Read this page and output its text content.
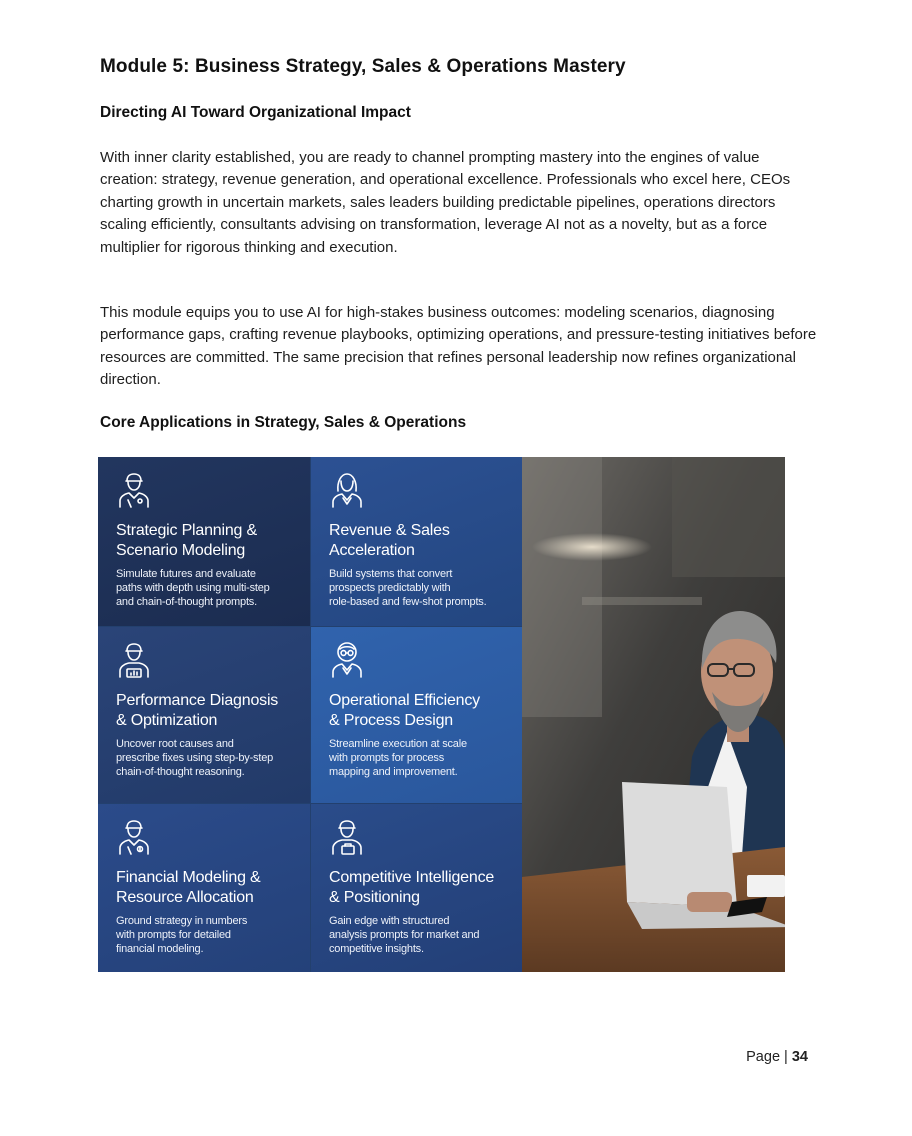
Module 5: Business Strategy, Sales & Operations Mastery
Directing AI Toward Organizational Impact

With inner clarity established, you are ready to channel prompting mastery into the engines of value creation: strategy, revenue generation, and operational excellence. Professionals who excel here, CEOs charting growth in uncertain markets, sales leaders building predictable pipelines, operations directors scaling efficiently, consultants advising on transformation, leverage AI not as a novelty, but as a force multiplier for rigorous thinking and execution.

This module equips you to use AI for high-stakes business outcomes: modeling scenarios, diagnosing performance gaps, crafting revenue playbooks, optimizing operations, and pressure-testing initiatives before resources are committed. The same precision that refines personal leadership now refines organizational direction.

Core Applications in Strategy, Sales & Operations
Strategic Planning &
Scenario Modeling
Simulate futures and evaluate
paths with depth using multi-step
and chain-of-thought prompts.
Revenue & Sales
Acceleration
Build systems that convert
prospects predictably with
role-based and few-shot prompts.
Performance Diagnosis
& Optimization
Uncover root causes and
prescribe fixes using step-by-step
chain-of-thought reasoning.
Operational Efficiency
& Process Design
Streamline execution at scale
with prompts for process
mapping and improvement.
Financial Modeling &
Resource Allocation
Ground strategy in numbers
with prompts for detailed
financial modeling.
Competitive Intelligence
& Positioning
Gain edge with structured
analysis prompts for market and
competitive insights.
Page | 34
